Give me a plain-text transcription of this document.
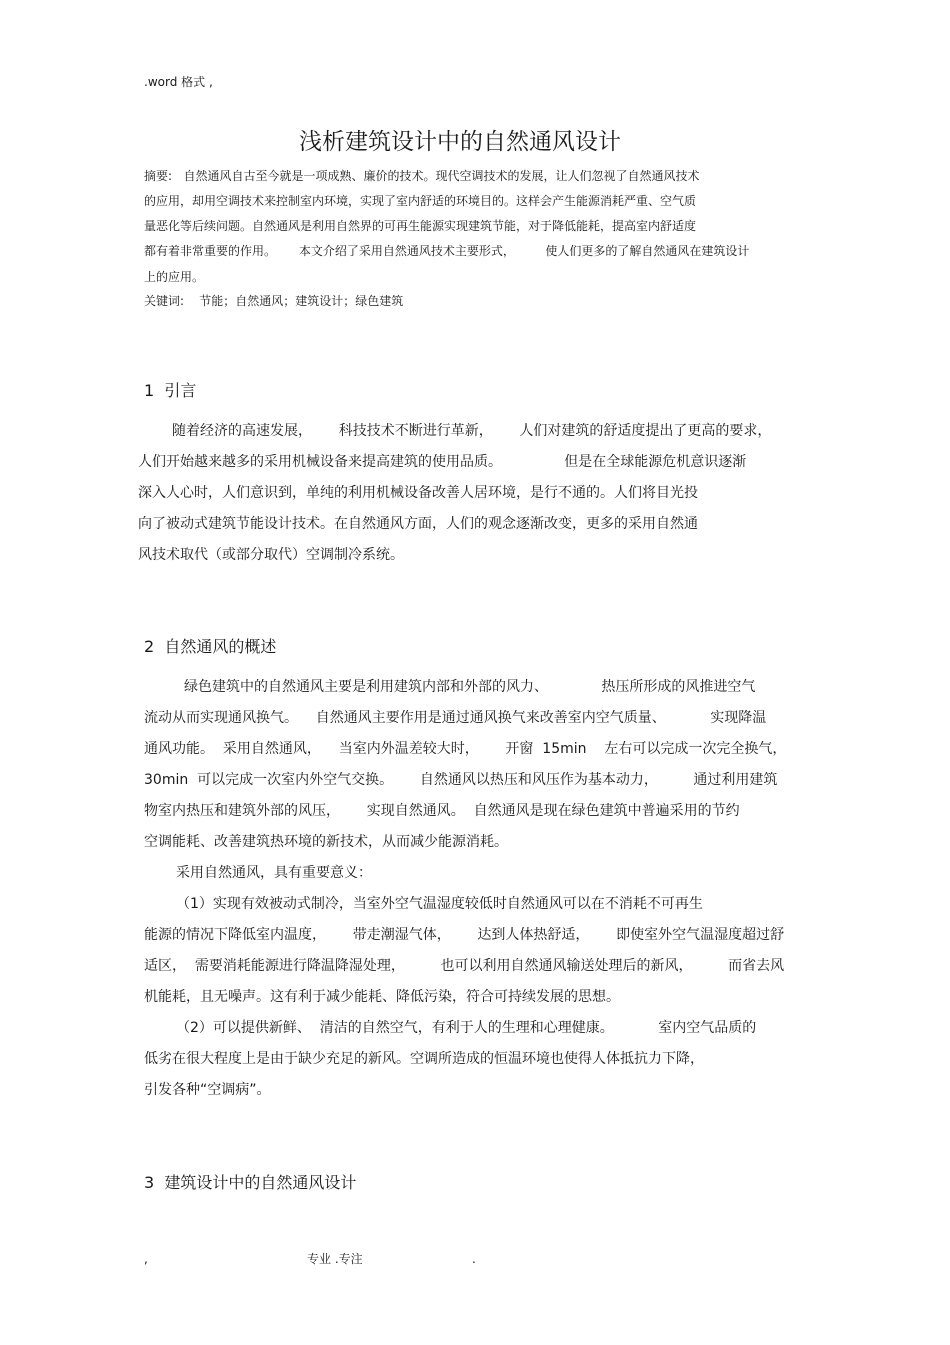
.word 格式 ,
浅析建筑设计中的自然通风设计
摘要:   自然通风自古至今就是一项成熟、廉价的技术。现代空调技术的发展，让人们忽视了自然通风技术
的应用，却用空调技术来控制室内环境，实现了室内舒适的环境目的。这样会产生能源消耗严重、空气质
量恶化等后续问题。自然通风是利用自然界的可再生能源实现建筑节能，对于降低能耗，提高室内舒适度
都有着非常重要的作用。      本文介绍了采用自然通风技术主要形式，        使人们更多的了解自然通风在建筑设计
上的应用。
关键词:    节能；自然通风；建筑设计；绿色建筑
1  引言
随着经济的高速发展，      科技技术不断进行革新，      人们对建筑的舒适度提出了更高的要求，
人们开始越来越多的采用机械设备来提高建筑的使用品质。              但是在全球能源危机意识逐渐
深入人心时，人们意识到，单纯的利用机械设备改善人居环境，是行不通的。人们将目光投
向了被动式建筑节能设计技术。在自然通风方面，人们的观念逐渐改变，更多的采用自然通
风技术取代（或部分取代）空调制冷系统。
2  自然通风的概述
绿色建筑中的自然通风主要是利用建筑内部和外部的风力、            热压所形成的风推进空气
流动从而实现通风换气。    自然通风主要作用是通过通风换气来改善室内空气质量、          实现降温
通风功能。  采用自然通风，    当室内外温差较大时，      开窗  15min    左右可以完成一次完全换气，
30min  可以完成一次室内外空气交换。      自然通风以热压和风压作为基本动力，        通过利用建筑
物室内热压和建筑外部的风压，      实现自然通风。  自然通风是现在绿色建筑中普遍采用的节约
空调能耗、改善建筑热环境的新技术，从而减少能源消耗。
采用自然通风，具有重要意义：
（1）实现有效被动式制冷，当室外空气温湿度较低时自然通风可以在不消耗不可再生
能源的情况下降低室内温度，      带走潮湿气体，      达到人体热舒适，      即使室外空气温湿度超过舒
适区，  需要消耗能源进行降温降湿处理，        也可以利用自然通风输送处理后的新风，        而省去风
机能耗，且无噪声。这有利于减少能耗、降低污染，符合可持续发展的思想。
（2）可以提供新鲜、  清洁的自然空气，有利于人的生理和心理健康。          室内空气品质的
低劣在很大程度上是由于缺少充足的新风。空调所造成的恒温环境也使得人体抵抗力下降，
引发各种“空调病”。
3  建筑设计中的自然通风设计
,	专业 .专注	.
